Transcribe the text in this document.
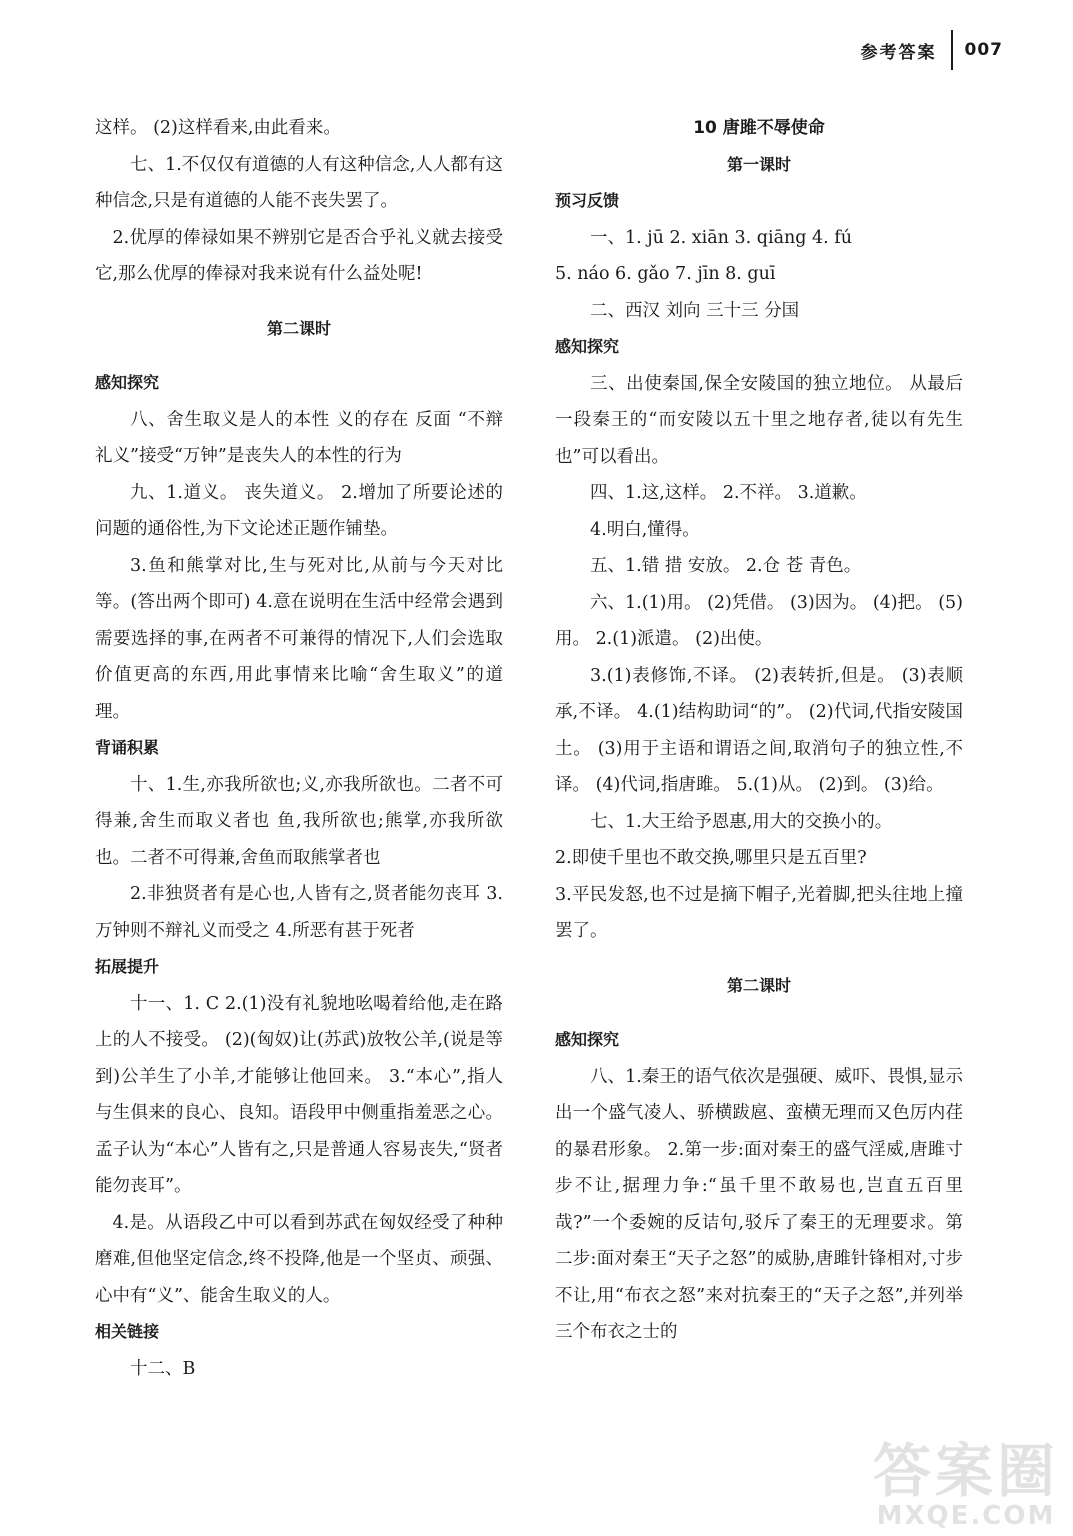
参考答案 007

这样。 (2)这样看来,由此看来。

七、1.不仅仅有道德的人有这种信念,人人都有这种信念,只是有道德的人能不丧失罢了。

2.优厚的俸禄如果不辨别它是否合乎礼义就去接受它,那么优厚的俸禄对我来说有什么益处呢!

第二课时
感知探究

八、舍生取义是人的本性 义的存在 反面 “不辩礼义”接受“万钟”是丧失人的本性的行为

九、1.道义。 丧失道义。 2.增加了所要论述的问题的通俗性,为下文论述正题作铺垫。

3.鱼和熊掌对比,生与死对比,从前与今天对比等。(答出两个即可) 4.意在说明在生活中经常会遇到需要选择的事,在两者不可兼得的情况下,人们会选取价值更高的东西,用此事情来比喻“舍生取义”的道理。

背诵积累

十、1.生,亦我所欲也;义,亦我所欲也。二者不可得兼,舍生而取义者也 鱼,我所欲也;熊掌,亦我所欲也。二者不可得兼,舍鱼而取熊掌者也

2.非独贤者有是心也,人皆有之,贤者能勿丧耳 3.万钟则不辩礼义而受之 4.所恶有甚于死者

拓展提升

十一、1. C 2.(1)没有礼貌地吆喝着给他,走在路上的人不接受。 (2)(匈奴)让(苏武)放牧公羊,(说是等到)公羊生了小羊,才能够让他回来。 3.“本心”,指人与生俱来的良心、良知。语段甲中侧重指羞恶之心。孟子认为“本心”人皆有之,只是普通人容易丧失,“贤者能勿丧耳”。

4.是。从语段乙中可以看到苏武在匈奴经受了种种磨难,但他坚定信念,终不投降,他是一个坚贞、顽强、心中有“义”、能舍生取义的人。

相关链接

十二、B

10 唐雎不辱使命
第一课时
预习反馈

一、1. jū 2. xiān 3. qiāng 4. fú

5. náo 6. gǎo 7. jīn 8. guī

二、西汉 刘向 三十三 分国

感知探究

三、出使秦国,保全安陵国的独立地位。 从最后一段秦王的“而安陵以五十里之地存者,徒以有先生也”可以看出。

四、1.这,这样。 2.不祥。 3.道歉。

4.明白,懂得。

五、1.错 措 安放。 2.仓 苍 青色。

六、1.(1)用。 (2)凭借。 (3)因为。 (4)把。 (5)用。 2.(1)派遣。 (2)出使。

3.(1)表修饰,不译。 (2)表转折,但是。 (3)表顺承,不译。 4.(1)结构助词“的”。 (2)代词,代指安陵国土。 (3)用于主语和谓语之间,取消句子的独立性,不译。 (4)代词,指唐雎。 5.(1)从。 (2)到。 (3)给。

七、1.大王给予恩惠,用大的交换小的。

2.即使千里也不敢交换,哪里只是五百里?

3.平民发怒,也不过是摘下帽子,光着脚,把头往地上撞罢了。

第二课时
感知探究

八、1.秦王的语气依次是强硬、威吓、畏惧,显示出一个盛气凌人、骄横跋扈、蛮横无理而又色厉内荏的暴君形象。 2.第一步:面对秦王的盛气淫威,唐雎寸步不让,据理力争:“虽千里不敢易也,岂直五百里哉?”一个委婉的反诘句,驳斥了秦王的无理要求。第二步:面对秦王“天子之怒”的威胁,唐雎针锋相对,寸步不让,用“布衣之怒”来对抗秦王的“天子之怒”,并列举三个布衣之士的

答案圈
MXQE.COM
